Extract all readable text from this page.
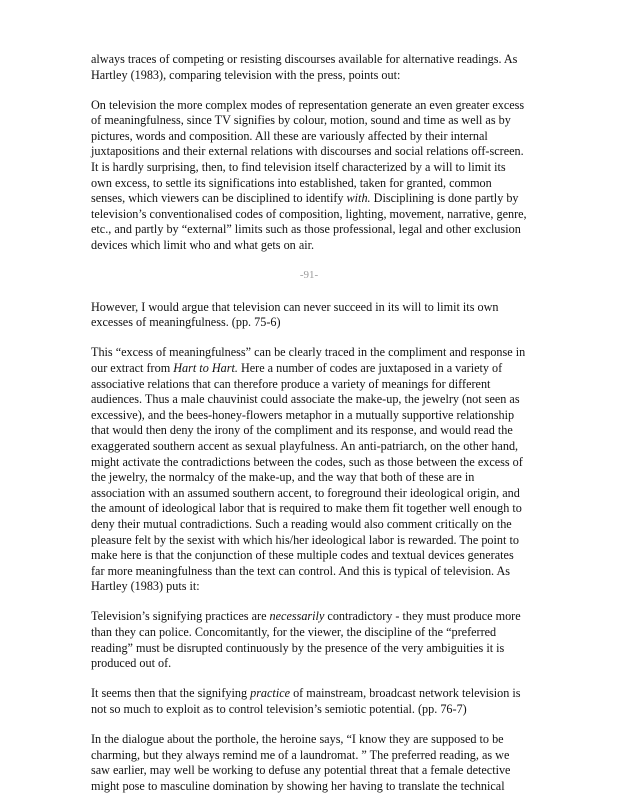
always traces of competing or resisting discourses available for alternative readings. As Hartley (1983), comparing television with the press, points out:

On television the more complex modes of representation generate an even greater excess of meaningfulness, since TV signifies by colour, motion, sound and time as well as by pictures, words and composition. All these are variously affected by their internal juxtapositions and their external relations with discourses and social relations off-screen. It is hardly surprising, then, to find television itself characterized by a will to limit its own excess, to settle its significations into established, taken for granted, common senses, which viewers can be disciplined to identify with. Disciplining is done partly by television’s conventionalised codes of composition, lighting, movement, narrative, genre, etc., and partly by “external” limits such as those professional, legal and other exclusion devices which limit who and what gets on air.

-91-

However, I would argue that television can never succeed in its will to limit its own excesses of meaningfulness. (pp. 75-6)

This “excess of meaningfulness” can be clearly traced in the compliment and response in our extract from Hart to Hart. Here a number of codes are juxtaposed in a variety of associative relations that can therefore produce a variety of meanings for different audiences. Thus a male chauvinist could associate the make-up, the jewelry (not seen as excessive), and the bees-honey-flowers metaphor in a mutually supportive relationship that would then deny the irony of the compliment and its response, and would read the exaggerated southern accent as sexual playfulness. An anti-patriarch, on the other hand, might activate the contradictions between the codes, such as those between the excess of the jewelry, the normalcy of the make-up, and the way that both of these are in association with an assumed southern accent, to foreground their ideological origin, and the amount of ideological labor that is required to make them fit together well enough to deny their mutual contradictions. Such a reading would also comment critically on the pleasure felt by the sexist with which his/her ideological labor is rewarded. The point to make here is that the conjunction of these multiple codes and textual devices generates far more meaningfulness than the text can control. And this is typical of television. As Hartley (1983) puts it:

Television’s signifying practices are necessarily contradictory - they must produce more than they can police. Concomitantly, for the viewer, the discipline of the “preferred reading” must be disrupted continuously by the presence of the very ambiguities it is produced out of.

It seems then that the signifying practice of mainstream, broadcast network television is not so much to exploit as to control television’s semiotic potential. (pp. 76-7)

In the dialogue about the porthole, the heroine says, “I know they are supposed to be charming, but they always remind me of a laundromat. ” The preferred reading, as we saw earlier, may well be working to defuse any potential threat that a female detective might pose to masculine domination by showing her having to translate the technical
